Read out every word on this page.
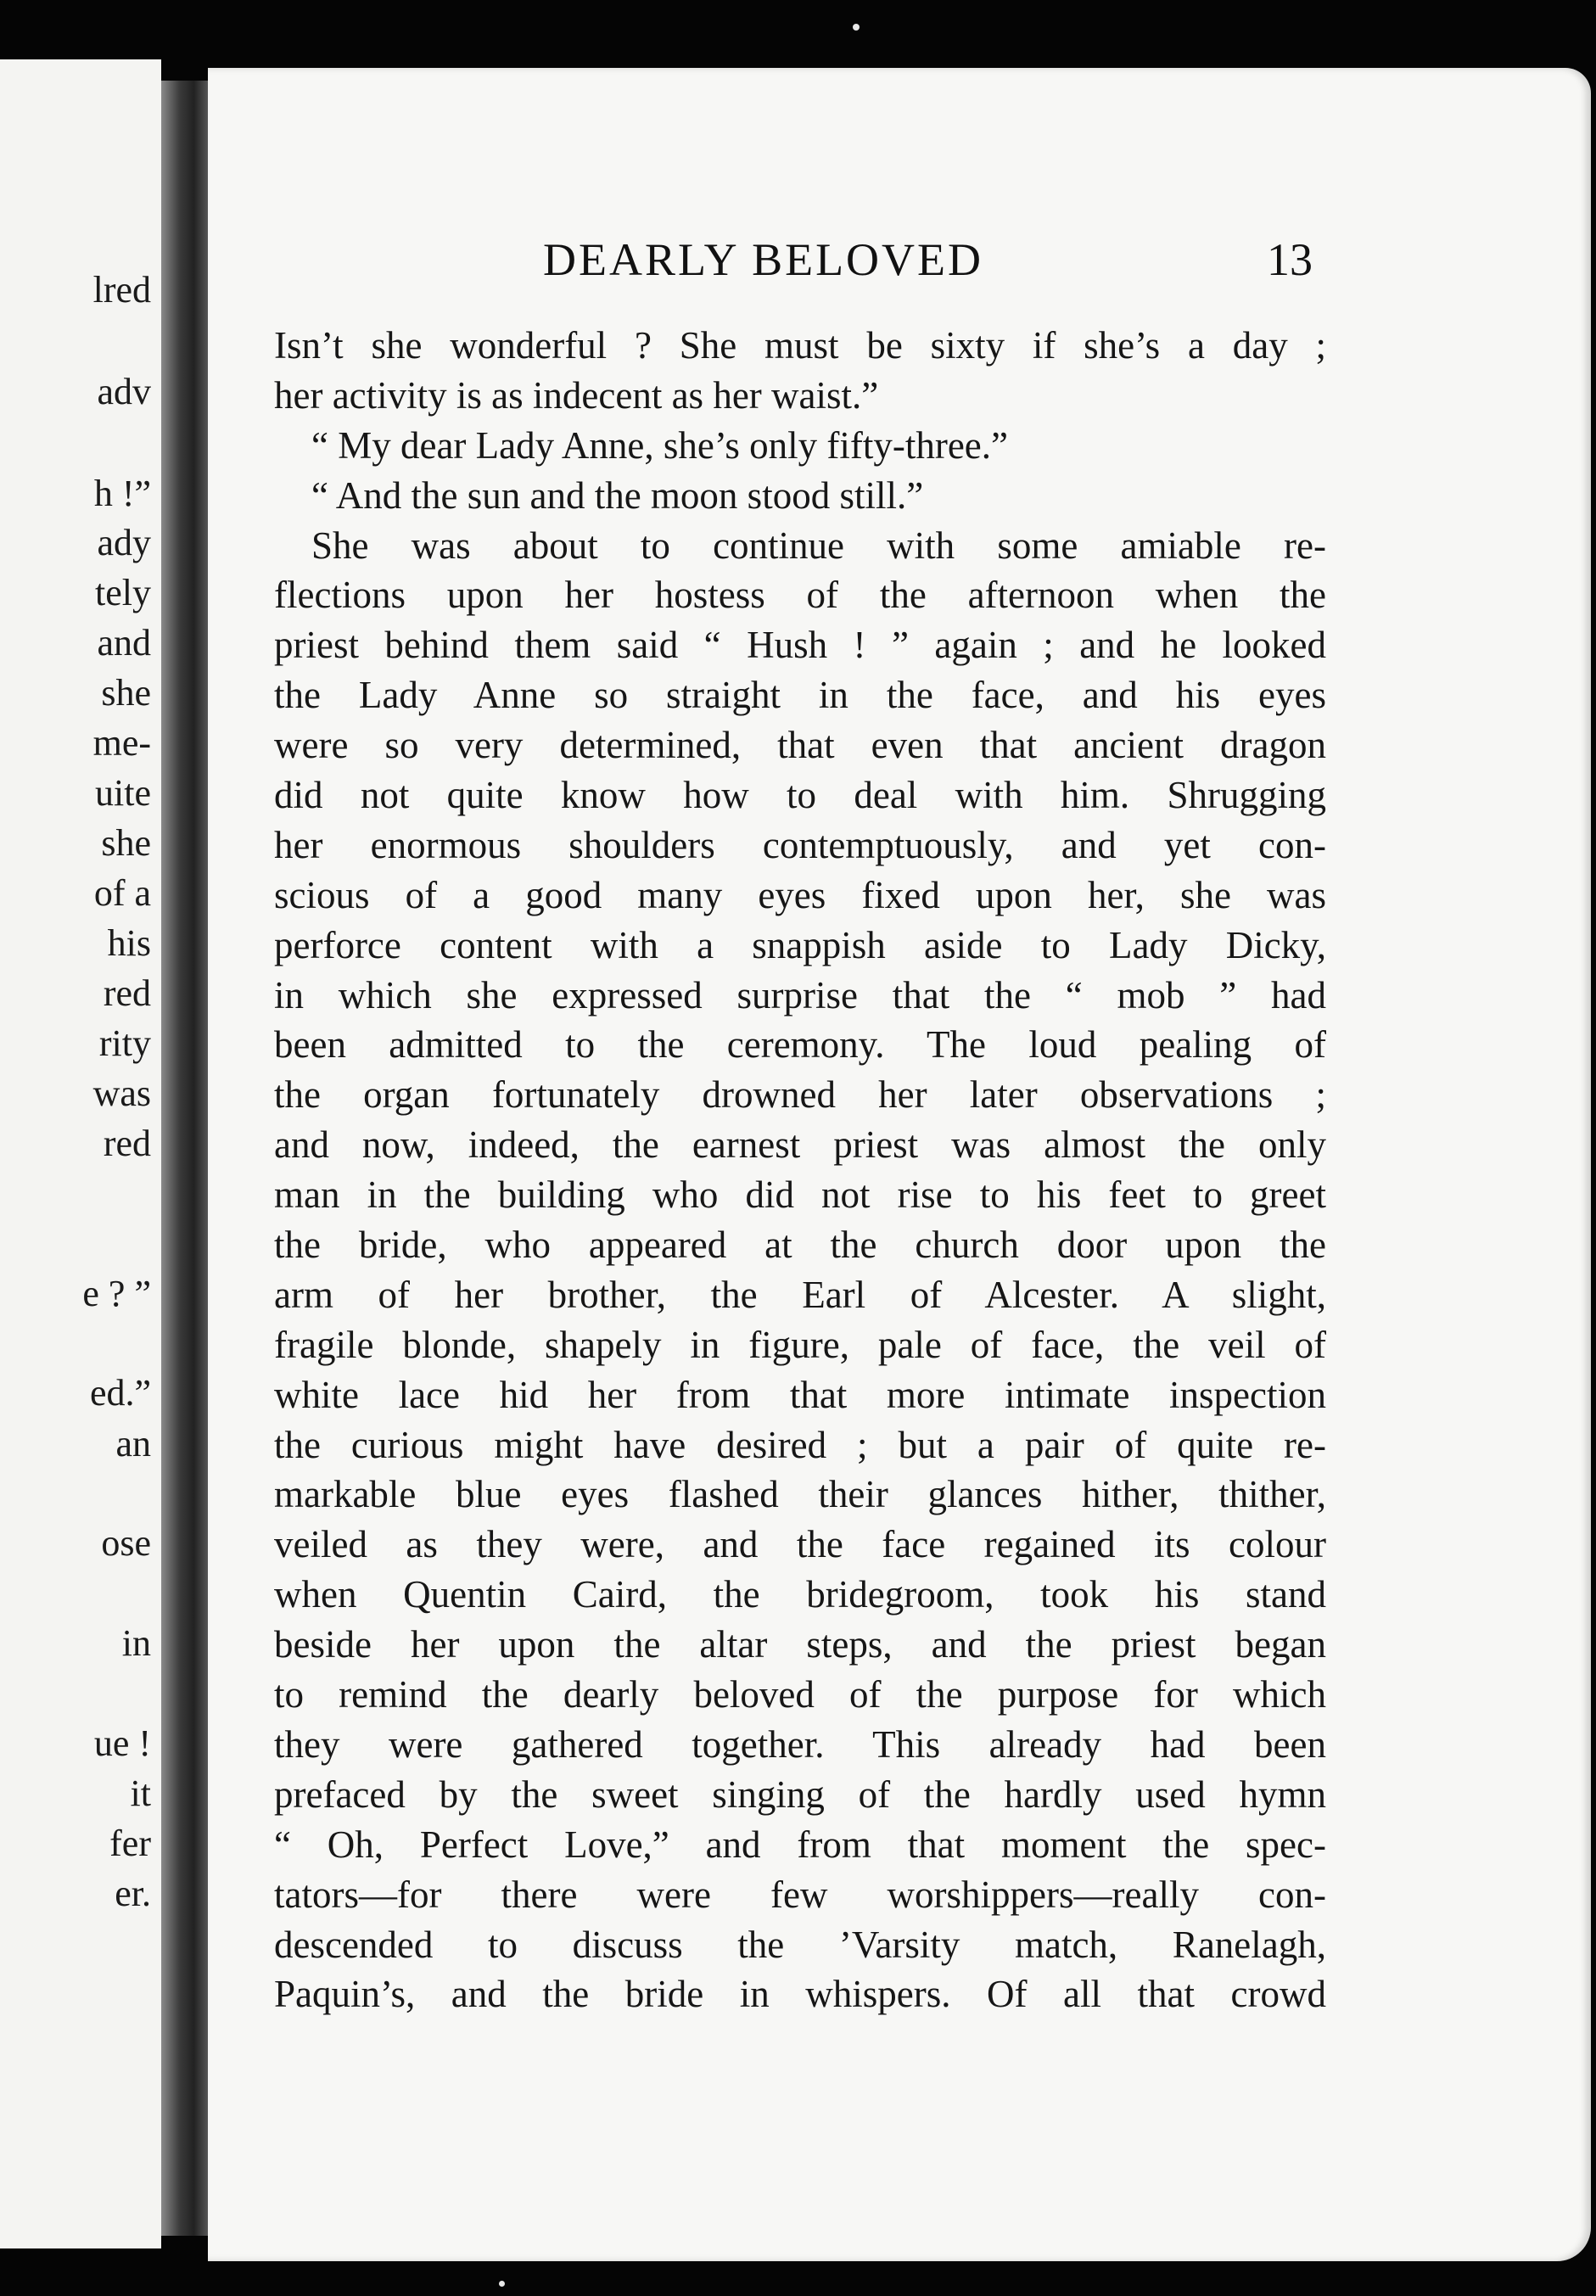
lred
adv
h !”
ady
tely
and
she
me-
uite
she
of a
his
red
rity
was
red
e ? ”
ed.”
an
ose
in
ue !
it
fer
er.
DEARLY BELOVED	13
Isn’t she wonderful ? She must be sixty if she’s a day ;
her activity is as indecent as her waist.”
“ My dear Lady Anne, she’s only fifty-three.”
“ And the sun and the moon stood still.”
She was about to continue with some amiable re-
flections upon her hostess of the afternoon when the
priest behind them said “ Hush ! ” again ; and he looked
the Lady Anne so straight in the face, and his eyes
were so very determined, that even that ancient dragon
did not quite know how to deal with him. Shrugging
her enormous shoulders contemptuously, and yet con-
scious of a good many eyes fixed upon her, she was
perforce content with a snappish aside to Lady Dicky,
in which she expressed surprise that the “ mob ” had
been admitted to the ceremony. The loud pealing of
the organ fortunately drowned her later observations ;
and now, indeed, the earnest priest was almost the only
man in the building who did not rise to his feet to greet
the bride, who appeared at the church door upon the
arm of her brother, the Earl of Alcester. A slight,
fragile blonde, shapely in figure, pale of face, the veil of
white lace hid her from that more intimate inspection
the curious might have desired ; but a pair of quite re-
markable blue eyes flashed their glances hither, thither,
veiled as they were, and the face regained its colour
when Quentin Caird, the bridegroom, took his stand
beside her upon the altar steps, and the priest began
to remind the dearly beloved of the purpose for which
they were gathered together. This already had been
prefaced by the sweet singing of the hardly used hymn
“ Oh, Perfect Love,” and from that moment the spec-
tators—for there were few worshippers—really con-
descended to discuss the ’Varsity match, Ranelagh,
Paquin’s, and the bride in whispers. Of all that crowd
